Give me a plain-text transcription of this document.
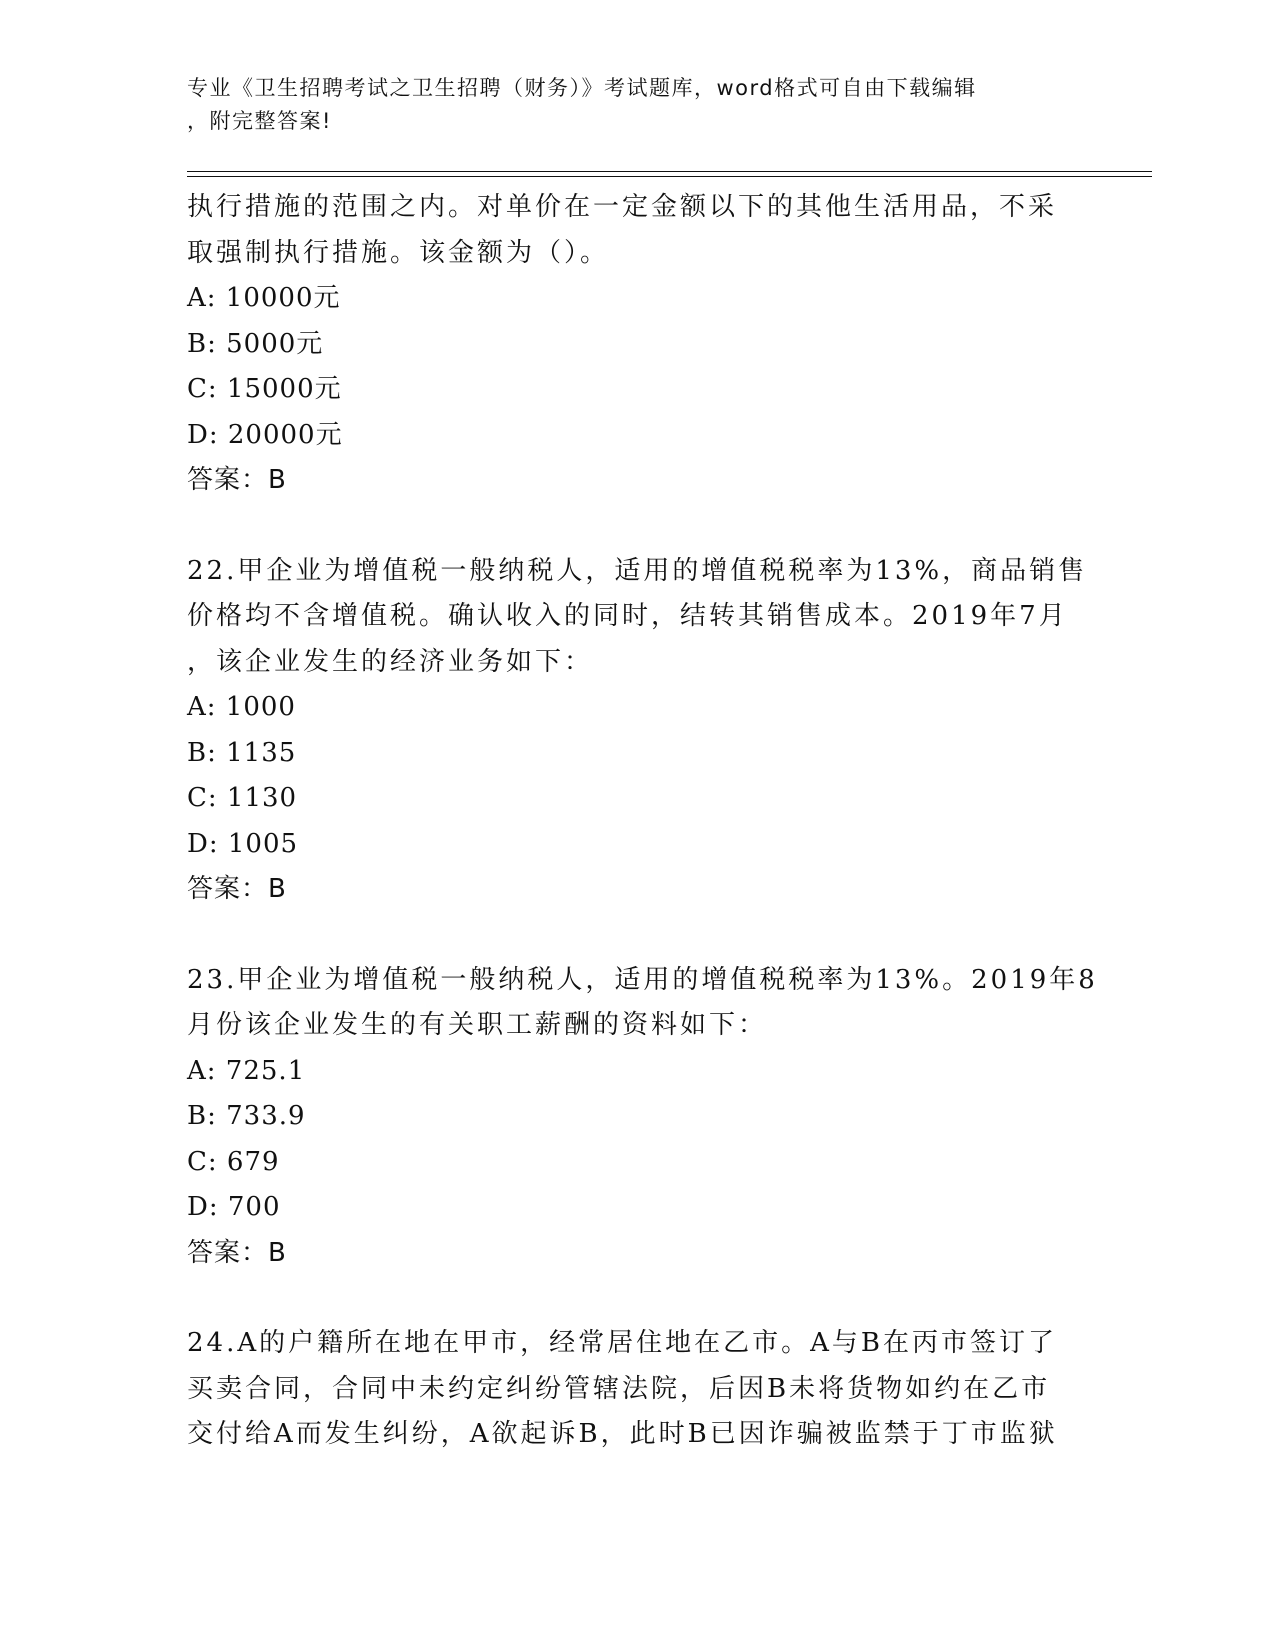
专业《卫生招聘考试之卫生招聘（财务）》考试题库，word格式可自由下载编辑

，附完整答案!

执行措施的范围之内。对单价在一定金额以下的其他生活用品，不采

取强制执行措施。该金额为（）。

A: 10000元

B: 5000元

C: 15000元

D: 20000元

答案：B

22.甲企业为增值税一般纳税人，适用的增值税税率为13%，商品销售

价格均不含增值税。确认收入的同时，结转其销售成本。2019年7月

，该企业发生的经济业务如下：

A: 1000

B: 1135

C: 1130

D: 1005

答案：B

23.甲企业为增值税一般纳税人，适用的增值税税率为13%。2019年8

月份该企业发生的有关职工薪酬的资料如下：

A: 725.1

B: 733.9

C: 679

D: 700

答案：B

24.A的户籍所在地在甲市，经常居住地在乙市。A与B在丙市签订了

买卖合同，合同中未约定纠纷管辖法院，后因B未将货物如约在乙市

交付给A而发生纠纷，A欲起诉B，此时B已因诈骗被监禁于丁市监狱
